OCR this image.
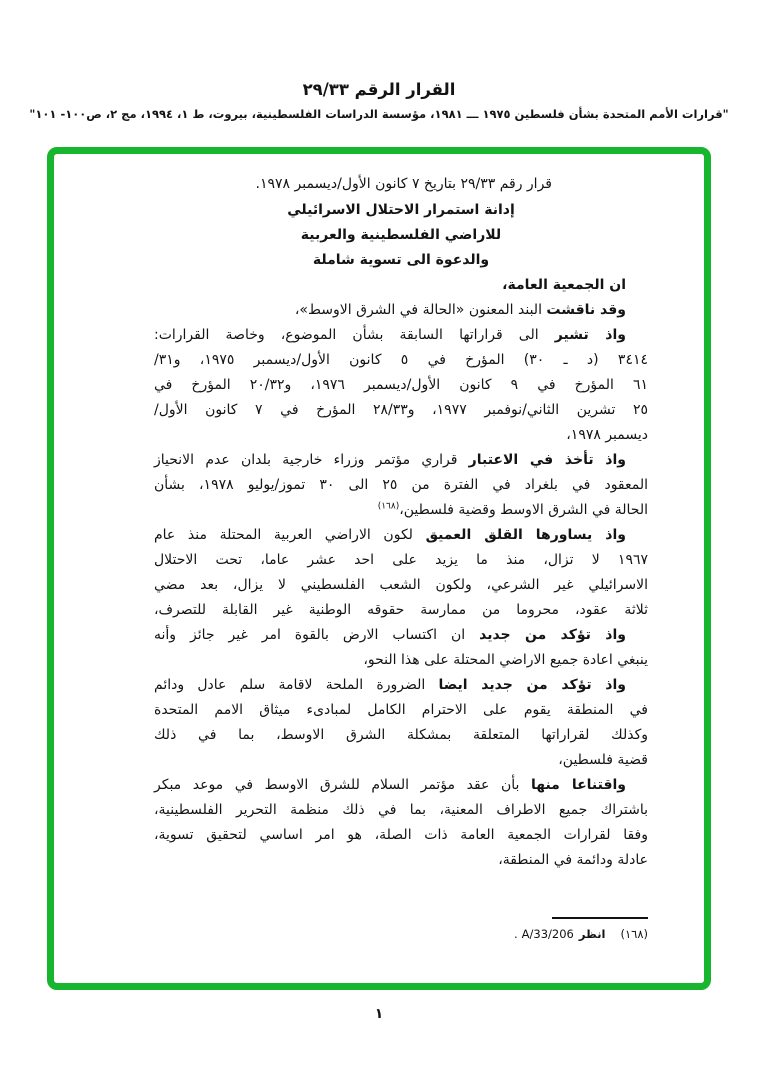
القرار الرقم ٢٩/٣٣
"قرارات الأمم المتحدة بشأن فلسطين ١٩٧٥ ـــ ١٩٨١، مؤسسة الدراسات الفلسطينية، بيروت، ط ١، ١٩٩٤، مج ٢، ص١٠٠- ١٠١"
قرار رقم ٢٩/٣٣ بتاريخ ٧ كانون الأول/ديسمبر ١٩٧٨.
إدانة استمرار الاحتلال الاسرائيلي
للاراضي الفلسطينية والعربية
والدعوة الى تسوية شاملة
ان الجمعية العامة،
وقد ناقشت البند المعنون «الحالة في الشرق الاوسط»،
واذ تشير الى قراراتها السابقة بشأن الموضوع، وخاصة القرارات:
٣٤١٤ (د ـ ٣٠) المؤرخ في ٥ كانون الأول/ديسمبر ١٩٧٥، و٣١/
٦١ المؤرخ في ٩ كانون الأول/ديسمبر ١٩٧٦، و٢٠/٣٢ المؤرخ في
٢٥ تشرين الثاني/نوفمبر ١٩٧٧، و٢٨/٣٣ المؤرخ في ٧ كانون الأول/
ديسمبر ١٩٧٨،
واذ تأخذ في الاعتبار قراري مؤتمر وزراء خارجية بلدان عدم الانحياز
المعقود في بلغراد في الفترة من ٢٥ الى ٣٠ تموز/يوليو ١٩٧٨، بشأن
الحالة في الشرق الاوسط وقضية فلسطين،$^{(١٦٨)}$
واذ يساورها القلق العميق لكون الاراضي العربية المحتلة منذ عام
١٩٦٧ لا تزال، منذ ما يزيد على احد عشر عاما، تحت الاحتلال
الاسرائيلي غير الشرعي، ولكون الشعب الفلسطيني لا يزال، بعد مضي
ثلاثة عقود، محروما من ممارسة حقوقه الوطنية غير القابلة للتصرف،
واذ تؤكد من جديد ان اكتساب الارض بالقوة امر غير جائز وأنه
ينبغي اعادة جميع الاراضي المحتلة على هذا النحو،
واذ تؤكد من جديد ايضا الضرورة الملحة لاقامة سلم عادل ودائم
في المنطقة يقوم على الاحترام الكامل لمبادىء ميثاق الامم المتحدة
وكذلك لقراراتها المتعلقة بمشكلة الشرق الاوسط، بما في ذلك
قضية فلسطين،
واقتناعا منها بأن عقد مؤتمر السلام للشرق الاوسط في موعد مبكر
باشتراك جميع الاطراف المعنية، بما في ذلك منظمة التحرير الفلسطينية،
وفقا لقرارات الجمعية العامة ذات الصلة، هو امر اساسي لتحقيق تسوية،
عادلة ودائمة في المنطقة،
(١٦٨)انظرA/33/206.
١
